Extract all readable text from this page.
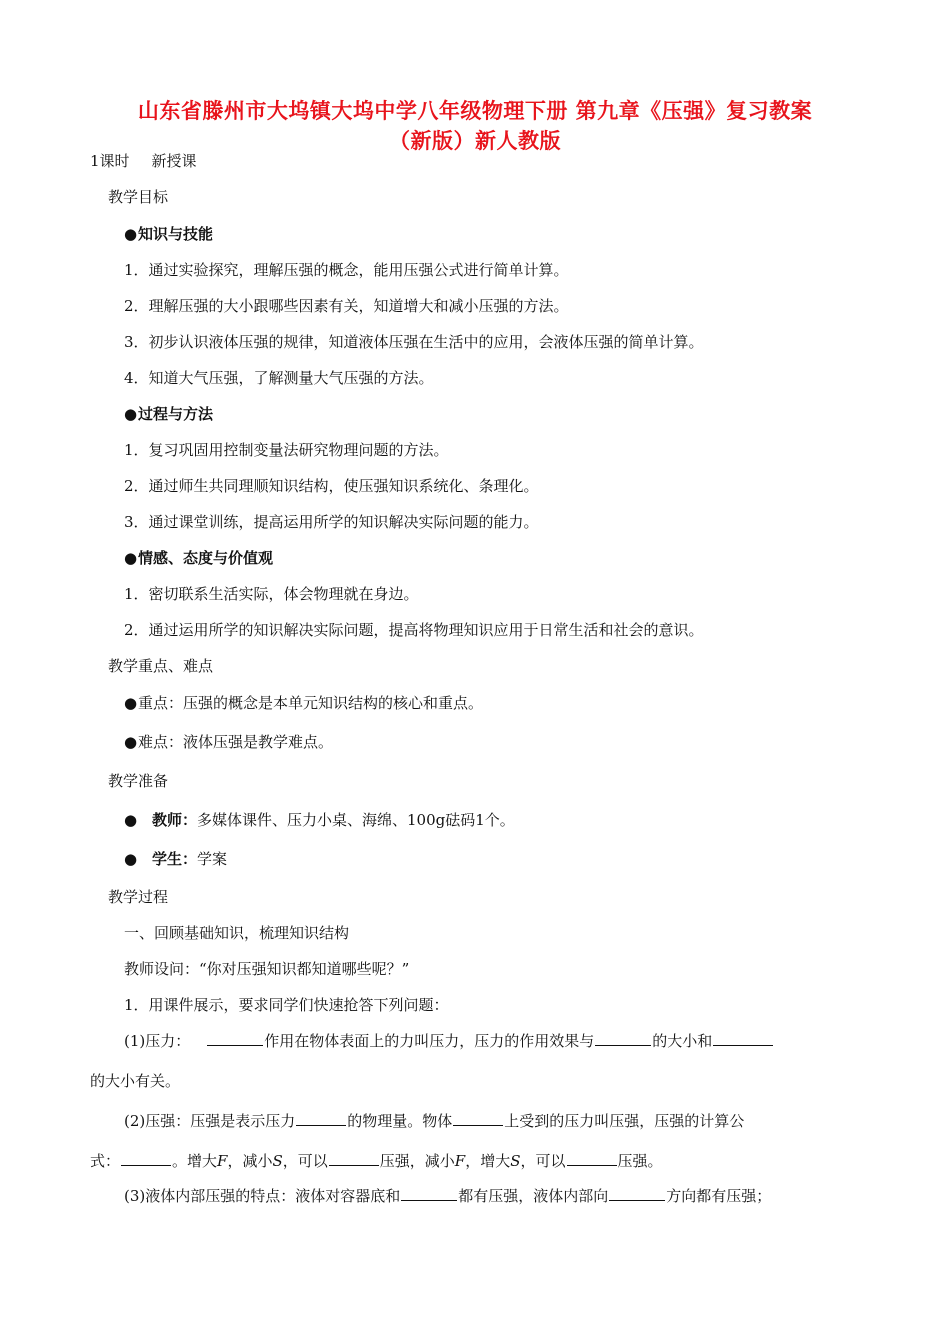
山东省滕州市大坞镇大坞中学八年级物理下册 第九章《压强》复习教案
（新版）新人教版
1课时 新授课
教学目标
●知识与技能
1．通过实验探究，理解压强的概念，能用压强公式进行简单计算。
2．理解压强的大小跟哪些因素有关，知道增大和减小压强的方法。
3．初步认识液体压强的规律，知道液体压强在生活中的应用，会液体压强的简单计算。
4．知道大气压强，了解测量大气压强的方法。
●过程与方法
1．复习巩固用控制变量法研究物理问题的方法。
2．通过师生共同理顺知识结构，使压强知识系统化、条理化。
3．通过课堂训练，提高运用所学的知识解决实际问题的能力。
●情感、态度与价值观
1．密切联系生活实际，体会物理就在身边。
2．通过运用所学的知识解决实际问题，提高将物理知识应用于日常生活和社会的意识。
教学重点、难点
●重点：压强的概念是本单元知识结构的核心和重点。
●难点：液体压强是教学难点。
教学准备
● 教师：多媒体课件、压力小桌、海绵、100g砝码1个。
● 学生：学案
教学过程
一、回顾基础知识，梳理知识结构
教师设问：“你对压强知识都知道哪些呢？”
1．用课件展示，要求同学们快速抢答下列问题：
(1)压力：	作用在物体表面上的力叫压力，压力的作用效果与	的大小和
的大小有关。
(2)压强：压强是表示压力	的物理量。物体	上受到的压力叫压强，压强的计算公
式：	。增大F，减小S，可以	压强，减小F，增大S，可以	压强。
(3)液体内部压强的特点：液体对容器底和	都有压强，液体内部向	方向都有压强；
